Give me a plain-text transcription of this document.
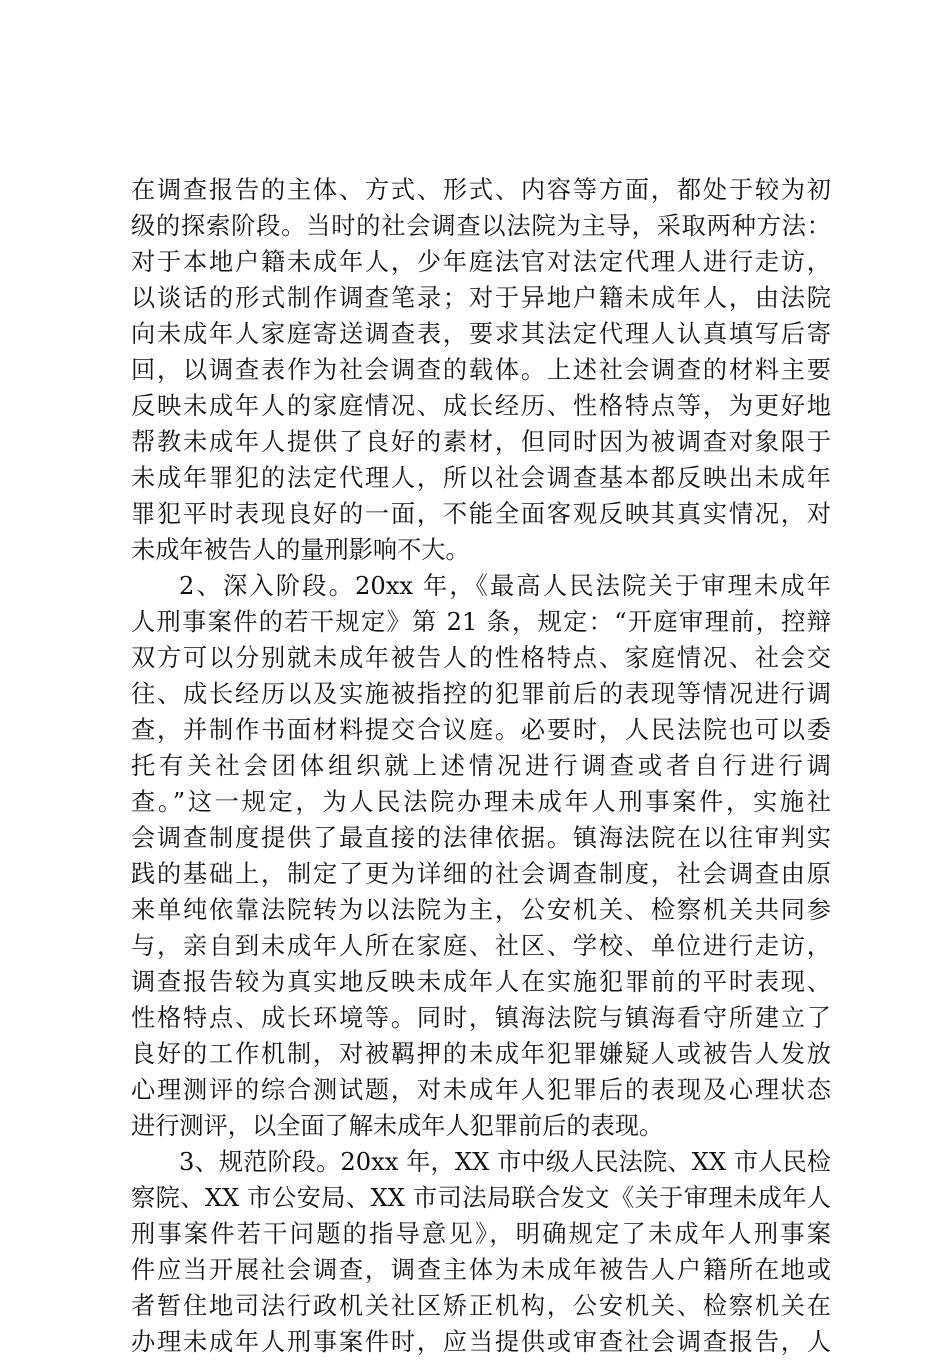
在调查报告的主体、方式、形式、内容等方面，都处于较为初
级的探索阶段。当时的社会调查以法院为主导，采取两种方法：
对于本地户籍未成年人，少年庭法官对法定代理人进行走访，
以谈话的形式制作调查笔录；对于异地户籍未成年人，由法院
向未成年人家庭寄送调查表，要求其法定代理人认真填写后寄
回，以调查表作为社会调查的载体。上述社会调查的材料主要
反映未成年人的家庭情况、成长经历、性格特点等，为更好地
帮教未成年人提供了良好的素材，但同时因为被调查对象限于
未成年罪犯的法定代理人，所以社会调查基本都反映出未成年
罪犯平时表现良好的一面，不能全面客观反映其真实情况，对
未成年被告人的量刑影响不大。
2、深入阶段。20xx 年，《最高人民法院关于审理未成年
人刑事案件的若干规定》第 21 条，规定：“开庭审理前，控辩
双方可以分别就未成年被告人的性格特点、家庭情况、社会交
往、成长经历以及实施被指控的犯罪前后的表现等情况进行调
查，并制作书面材料提交合议庭。必要时，人民法院也可以委
托有关社会团体组织就上述情况进行调查或者自行进行调
查。”这一规定，为人民法院办理未成年人刑事案件，实施社
会调查制度提供了最直接的法律依据。镇海法院在以往审判实
践的基础上，制定了更为详细的社会调查制度，社会调查由原
来单纯依靠法院转为以法院为主，公安机关、检察机关共同参
与，亲自到未成年人所在家庭、社区、学校、单位进行走访，
调查报告较为真实地反映未成年人在实施犯罪前的平时表现、
性格特点、成长环境等。同时，镇海法院与镇海看守所建立了
良好的工作机制，对被羁押的未成年犯罪嫌疑人或被告人发放
心理测评的综合测试题，对未成年人犯罪后的表现及心理状态
进行测评，以全面了解未成年人犯罪前后的表现。
3、规范阶段。20xx 年，XX 市中级人民法院、XX 市人民检
察院、XX 市公安局、XX 市司法局联合发文《关于审理未成年人
刑事案件若干问题的指导意见》，明确规定了未成年人刑事案
件应当开展社会调查，调查主体为未成年被告人户籍所在地或
者暂住地司法行政机关社区矫正机构，公安机关、检察机关在
办理未成年人刑事案件时，应当提供或审查社会调查报告，人
